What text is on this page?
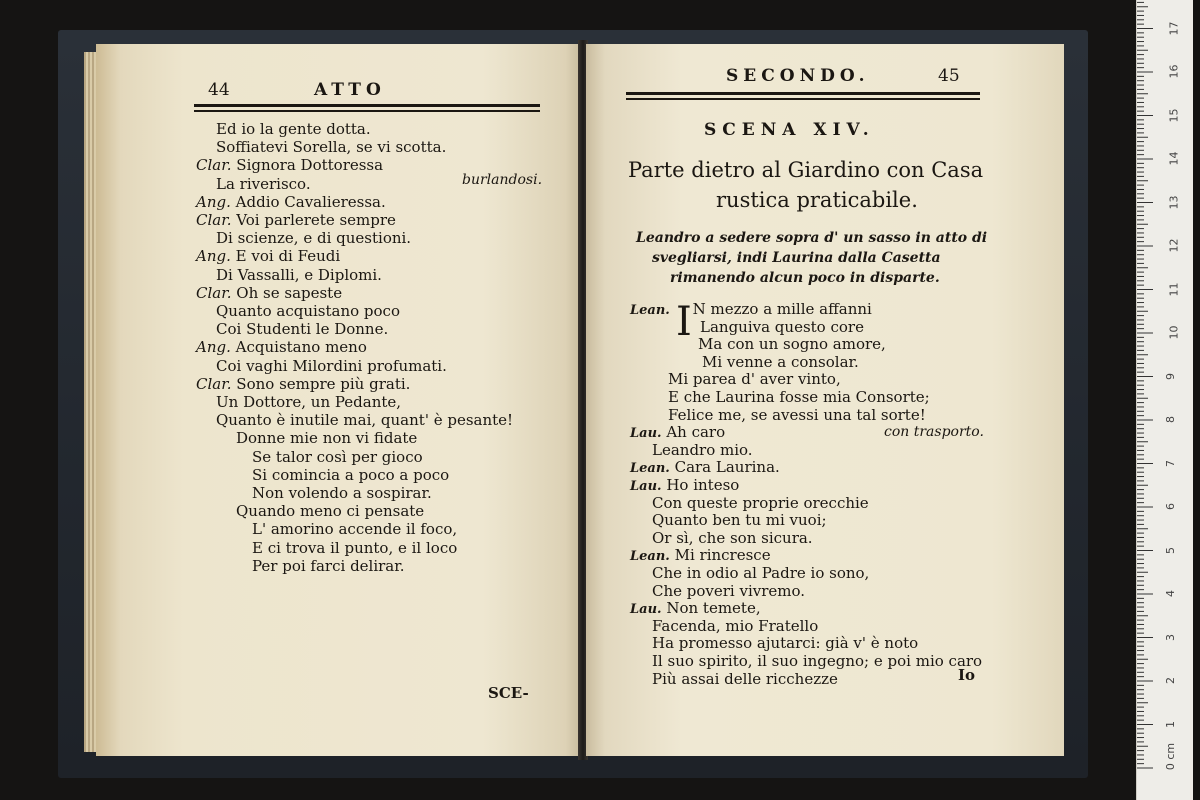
44	ATTO
Ed io la gente dotta.
Soffiatevi Sorella, se vi scotta.
Clar. Signora Dottoressa
La riverisco.
Ang. Addio Cavalieressa.
Clar. Voi parlerete sempre
Di scienze, e di questioni.
Ang. E voi di Feudi
Di Vassalli, e Diplomi.
Clar. Oh se sapeste
Quanto acquistano poco
Coi Studenti le Donne.
Ang. Acquistano meno
Coi vaghi Milordini profumati.
Clar. Sono sempre più grati.
Un Dottore, un Pedante,
Quanto è inutile mai, quant' è pesante!
Donne mie non vi fidate
Se talor così per gioco
Si comincia a poco a poco
Non volendo a sospirar.
Quando meno ci pensate
L' amorino accende il foco,
E ci trova il punto, e il loco
Per poi farci delirar.
burlandosi.
SCE-
SECONDO.	45
SCENA XIV.
Parte dietro al Giardino con Casa
rustica praticabile.
Leandro a sedere sopra d' un sasso in atto di
svegliarsi, indi Laurina dalla Casetta
rimanendo alcun poco in disparte.
I
Lean. N mezzo a mille affanni
Languiva questo core
Ma con un sogno amore,
Mi venne a consolar.
Mi parea d' aver vinto,
E che Laurina fosse mia Consorte;
Felice me, se avessi una tal sorte!
Lau. Ah caro
Leandro mio.
Lean. Cara Laurina.
Lau. Ho inteso
Con queste proprie orecchie
Quanto ben tu mi vuoi;
Or sì, che son sicura.
Lean. Mi rincresce
Che in odio al Padre io sono,
Che poveri vivremo.
Lau. Non temete,
Facenda, mio Fratello
Ha promesso ajutarci: già v' è noto
Il suo spirito, il suo ingegno; e poi mio caro
Più assai delle ricchezze
con trasporto.
Io
0 cm
1
2
3
4
5
6
7
8
9
10
11
12
13
14
15
16
17
